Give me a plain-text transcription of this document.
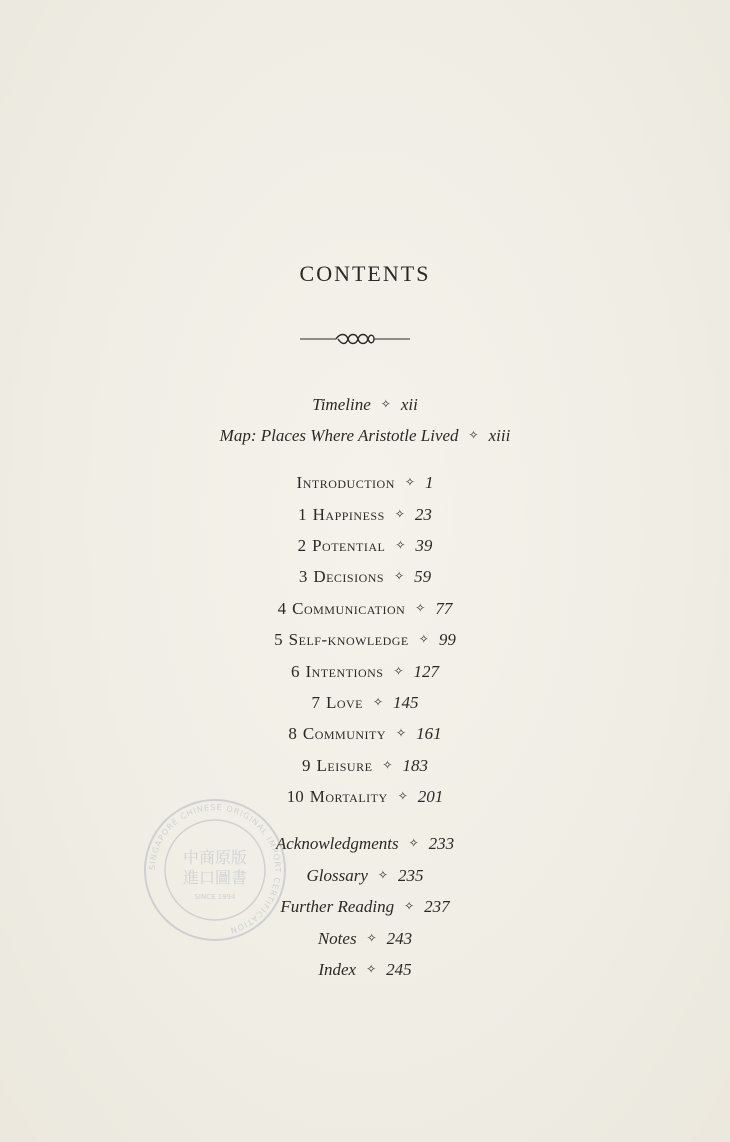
CONTENTS
Timeline ✧ xii
Map: Places Where Aristotle Lived ✧ xiii
Introduction ✧ 1
1 Happiness ✧ 23
2 Potential ✧ 39
3 Decisions ✧ 59
4 Communication ✧ 77
5 Self-knowledge ✧ 99
6 Intentions ✧ 127
7 Love ✧ 145
8 Community ✧ 161
9 Leisure ✧ 183
10 Mortality ✧ 201
Acknowledgments ✧ 233
Glossary ✧ 235
Further Reading ✧ 237
Notes ✧ 243
Index ✧ 245
SINGAPORE CHINESE ORIGINAL IMPORT CERTIFICATION
中商原版
進口圖書
SINCE 1994
